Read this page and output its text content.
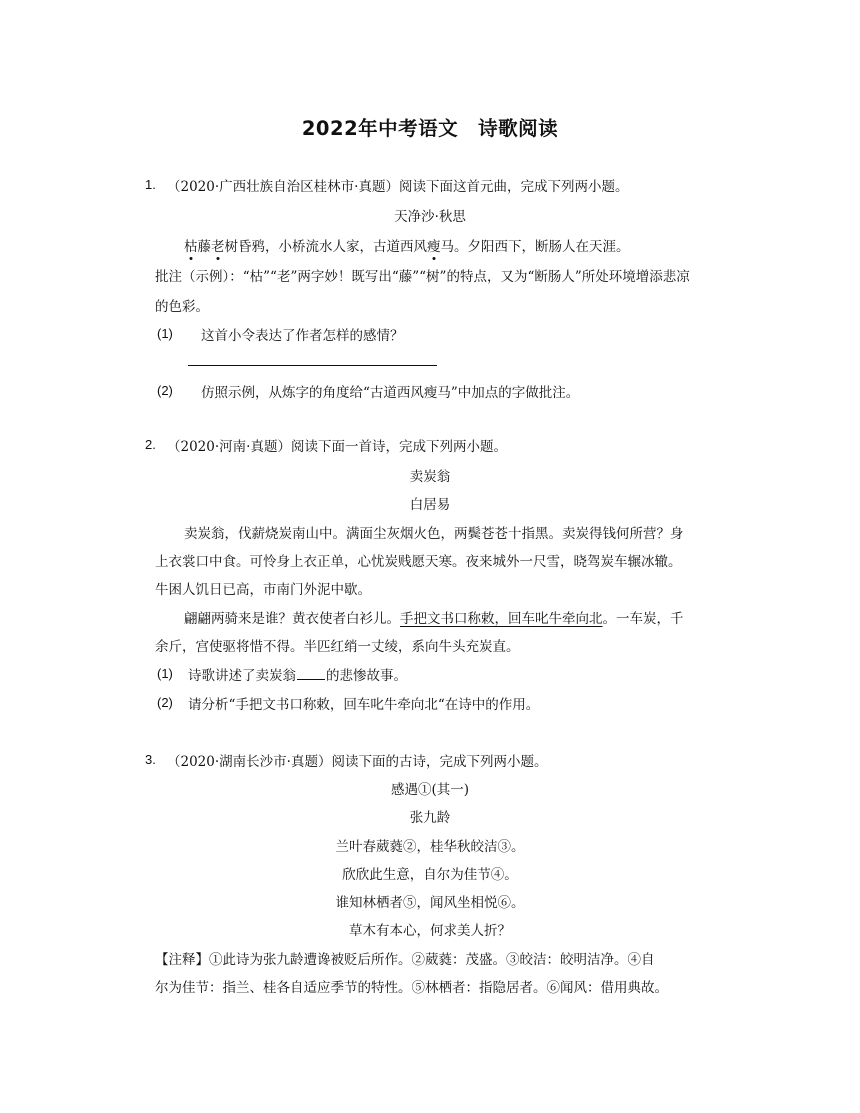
2022年中考语文　诗歌阅读
1. （2020·广西壮族自治区桂林市·真题）阅读下面这首元曲，完成下列两小题。
天净沙·秋思
枯藤老树昏鸦，小桥流水人家，古道西风瘦马。夕阳西下，断肠人在天涯。
批注（示例）：“枯”“老”两字妙！既写出“藤”“树”的特点，又为“断肠人”所处环境增添悲凉
的色彩。
(1) 这首小令表达了作者怎样的感情？
(2) 仿照示例，从炼字的角度给“古道西风瘦马”中加点的字做批注。
2. （2020·河南·真题）阅读下面一首诗，完成下列两小题。
卖炭翁
白居易
卖炭翁，伐薪烧炭南山中。满面尘灰烟火色，两鬓苍苍十指黑。卖炭得钱何所营？身
上衣裳口中食。可怜身上衣正单，心忧炭贱愿天寒。夜来城外一尺雪，晓驾炭车辗冰辙。
牛困人饥日已高，市南门外泥中歇。
翩翩两骑来是谁？黄衣使者白衫儿。手把文书口称敕，回车叱牛牵向北。一车炭，千
余斤，宫使驱将惜不得。半匹红绡一丈绫，系向牛头充炭直。
(1) 诗歌讲述了卖炭翁 的悲惨故事。
(2) 请分析“手把文书口称敕，回车叱牛牵向北“在诗中的作用。
3. （2020·湖南长沙市·真题）阅读下面的古诗，完成下列两小题。
感遇①(其一)
张九龄
兰叶春葳蕤②，桂华秋皎洁③。
欣欣此生意，自尔为佳节④。
谁知林栖者⑤，闻风坐相悦⑥。
草木有本心，何求美人折？
【注释】①此诗为张九龄遭谗被贬后所作。②葳蕤：茂盛。③皎洁：皎明洁净。④自
尔为佳节：指兰、桂各自适应季节的特性。⑤林栖者：指隐居者。⑥闻风：借用典故。
